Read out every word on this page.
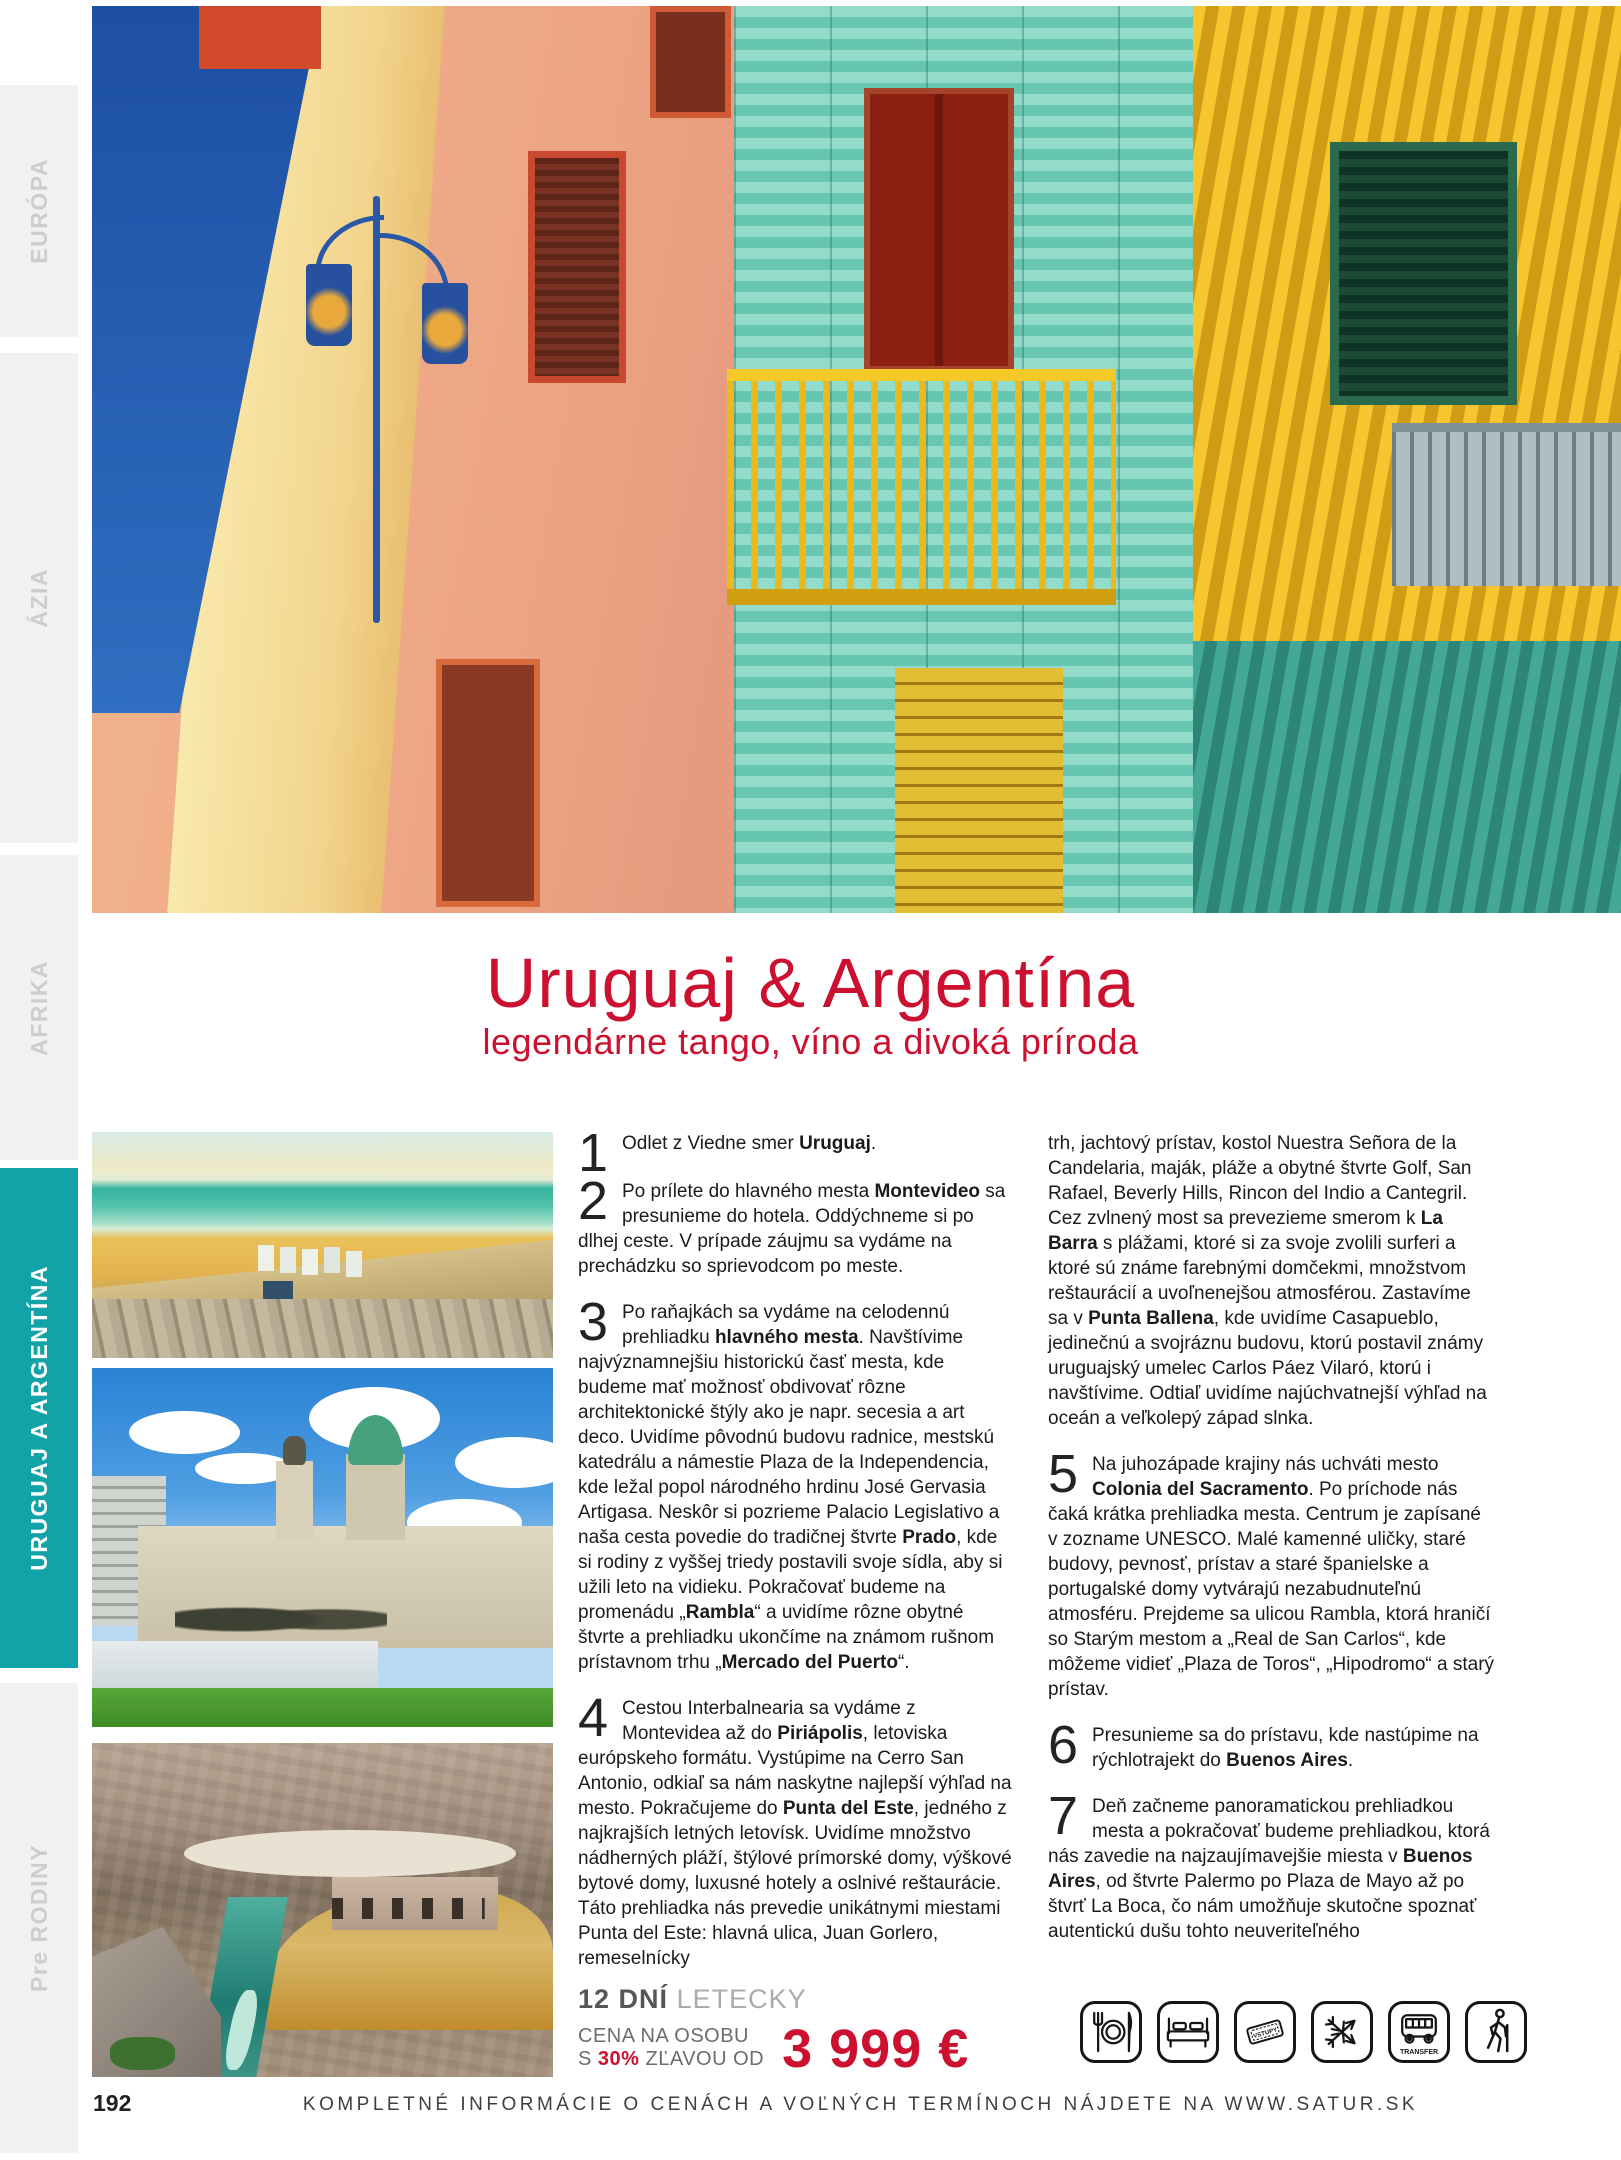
EURÓPA
ÁZIA
AFRIKA
URUGUAJ A ARGENTÍNA
Pre RODINY
Uruguaj & Argentína
legendárne tango, víno a divoká príroda

1 Odlet z Viedne smer Uruguaj.

2 Po prílete do hlavného mesta Montevideo sa presunieme do hotela. Oddýchneme si po dlhej ceste. V prípade záujmu sa vydáme na prechádzku so sprievodcom po meste.

3 Po raňajkách sa vydáme na celodennú prehliadku hlavného mesta. Navštívime najvýznamnejšiu historickú časť mesta, kde budeme mať možnosť obdivovať rôzne architektonické štýly ako je napr. secesia a art deco. Uvidíme pôvodnú budovu radnice, mestskú katedrálu a námestie Plaza de la Independencia, kde ležal popol národného hrdinu José Gervasia Artigasa. Neskôr si pozrieme Palacio Legislativo a naša cesta povedie do tradičnej štvrte Prado, kde si rodiny z vyššej triedy postavili svoje sídla, aby si užili leto na vidieku. Pokračovať budeme na promenádu „Rambla“ a uvidíme rôzne obytné štvrte a prehliadku ukončíme na známom rušnom prístavnom trhu „Mercado del Puerto“.

4 Cestou Interbalnearia sa vydáme z Montevidea až do Piriápolis, letoviska európskeho formátu. Vystúpime na Cerro San Antonio, odkiaľ sa nám naskytne najlepší výhľad na mesto. Pokračujeme do Punta del Este, jedného z najkrajších letných letovísk. Uvidíme množstvo nádherných pláží, štýlové prímorské domy, výškové bytové domy, luxusné hotely a oslnivé reštaurácie. Táto prehliadka nás prevedie unikátnymi miestami Punta del Este: hlavná ulica, Juan Gorlero, remeselnícky

trh, jachtový prístav, kostol Nuestra Señora de la Candelaria, maják, pláže a obytné štvrte Golf, San Rafael, Beverly Hills, Rincon del Indio a Cantegril. Cez zvlnený most sa prevezieme smerom k La Barra s plážami, ktoré si za svoje zvolili surferi a ktoré sú známe farebnými domčekmi, množstvom reštaurácií a uvoľnenejšou atmosférou. Zastavíme sa v Punta Ballena, kde uvidíme Casapueblo, jedinečnú a svojráznu budovu, ktorú postavil známy uruguajský umelec Carlos Páez Vilaró, ktorú i navštívime. Odtiaľ uvidíme najúchvatnejší výhľad na oceán a veľkolepý západ slnka.

5 Na juhozápade krajiny nás uchváti mesto Colonia del Sacramento. Po príchode nás čaká krátka prehliadka mesta. Centrum je zapísané v zozname UNESCO. Malé kamenné uličky, staré budovy, pevnosť, prístav a staré španielske a portugalské domy vytvárajú nezabudnuteľnú atmosféru. Prejdeme sa ulicou Rambla, ktorá hraničí so Starým mestom a „Real de San Carlos“, kde môžeme vidieť „Plaza de Toros“, „Hipodromo“ a starý prístav.

6 Presunieme sa do prístavu, kde nastúpime na rýchlotrajekt do Buenos Aires.

7 Deň začneme panoramatickou prehliadkou mesta a pokračovať budeme prehliadkou, ktorá nás zavedie na najzaujímavejšie miesta v Buenos Aires, od štvrte Palermo po Plaza de Mayo až po štvrť La Boca, čo nám umožňuje skutočne spoznať autentickú dušu tohto neuveriteľného

12 DNÍ LETECKY
CENA NA OSOBU
S 30% ZĽAVOU OD 3 999 €	VSTUPY
TRANSFER
192	KOMPLETNÉ INFORMÁCIE O CENÁCH A VOĽNÝCH TERMÍNOCH NÁJDETE NA WWW.SATUR.SK
